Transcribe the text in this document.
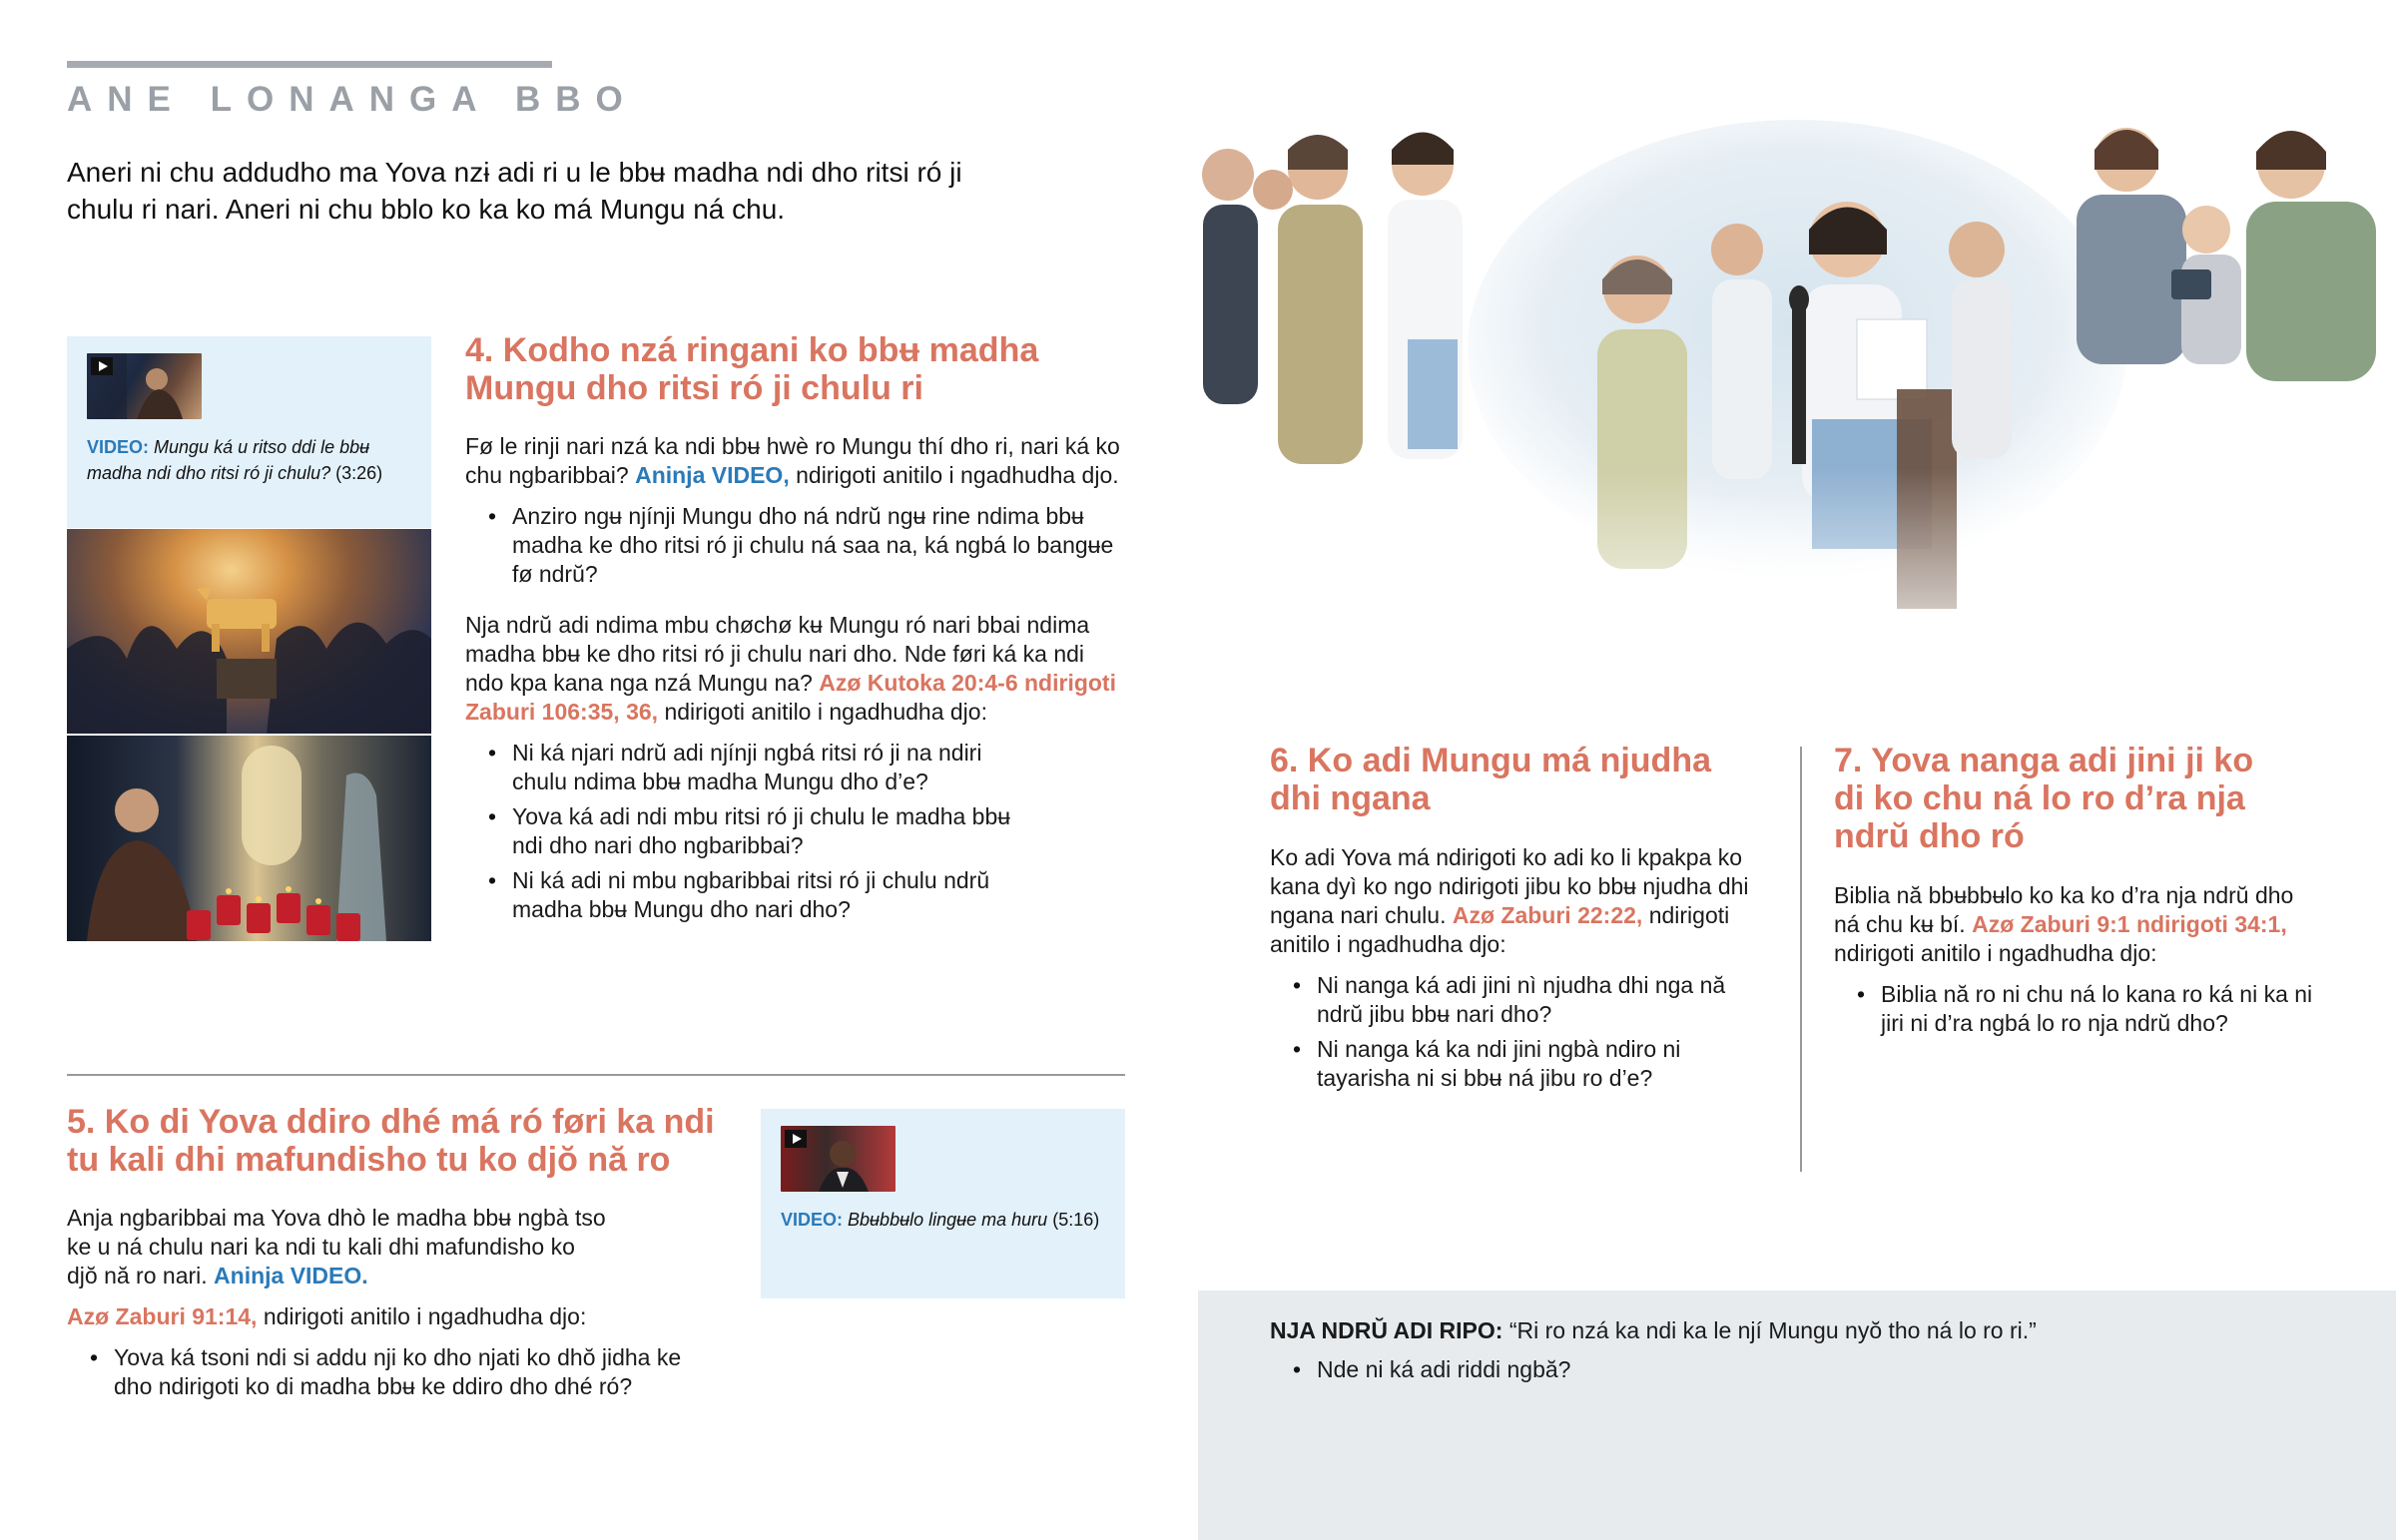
ANE LONANGA BBO
Aneri ni chu addudho ma Yova nzɨ adi ri u le bbʉ madha ndi dho ritsi ró ji chulu ri nari. Aneri ni chu bblo ko ka ko má Mungu ná chu.
VIDEO: Mungu ká u ritso ddi le bbʉ madha ndi dho ritsi ró ji chulu? (3:26)
4. Kodho nzá ringani ko bbʉ madha Mungu dho ritsi ró ji chulu ri

Fø le rinji nari nzá ka ndi bbʉ hwè ro Mungu thí dho ri, nari ká ko chu ngbaribbai? Aninja VIDEO, ndirigoti anitilo i ngadhudha djo.

• Anziro ngʉ njínji Mungu dho ná ndrŭ ngʉ rine ndima bbʉ madha ke dho ritsi ró ji chulu ná saa na, ká ngbá lo bangʉe fø ndrŭ?

Nja ndrŭ adi ndima mbu chøchø kʉ Mungu ró nari bbai ndima madha bbʉ ke dho ritsi ró ji chulu nari dho. Nde føri ká ka ndi ndo kpa kana nga nzá Mungu na? Azø Kutoka 20:4-6 ndirigoti Zaburi 106:35, 36, ndirigoti anitilo i ngadhudha djo:

• Ni ká njari ndrŭ adi njínji ngbá ritsi ró ji na ndiri chulu ndima bbʉ madha Mungu dho d’e?
• Yova ká adi ndi mbu ritsi ró ji chulu le madha bbʉ ndi dho nari dho ngbaribbai?
• Ni ká adi ni mbu ngbaribbai ritsi ró ji chulu ndrŭ madha bbʉ Mungu dho nari dho?
5. Ko di Yova ddiro dhé má ró føri ka ndi tu kali dhi mafundisho tu ko djŏ nă ro

Anja ngbaribbai ma Yova dhò le madha bbʉ ngbà tso ke u ná chulu nari ka ndi tu kali dhi mafundisho ko djŏ nă ro nari. Aninja VIDEO.

Azø Zaburi 91:14, ndirigoti anitilo i ngadhudha djo:

• Yova ká tsoni ndi si addu nji ko dho njati ko dhŏ jidha ke dho ndirigoti ko di madha bbʉ ke ddiro dho dhé ró?
VIDEO: Bbʉbbʉlo lingʉe ma huru (5:16)
6. Ko adi Mungu má njudha dhi ngana

Ko adi Yova má ndirigoti ko adi ko li kpakpa ko kana dyì ko ngo ndirigoti jibu ko bbʉ njudha dhi ngana nari chulu. Azø Zaburi 22:22, ndirigoti anitilo i ngadhudha djo:

• Ni nanga ká adi jini nì njudha dhi nga nă ndrŭ jibu bbʉ nari dho?
• Ni nanga ká ka ndi jini ngbà ndiro ni tayarisha ni si bbʉ ná jibu ro d’e?
7. Yova nanga adi jini ji ko di ko chu ná lo ro d’ra nja ndrŭ dho ró

Biblia nă bbʉbbʉlo ko ka ko d’ra nja ndrŭ dho ná chu kʉ bí. Azø Zaburi 9:1 ndirigoti 34:1, ndirigoti anitilo i ngadhudha djo:

• Biblia nă ro ni chu ná lo kana ro ká ni ka ni jiri ni d’ra ngbá lo ro nja ndrŭ dho?

NJA NDRŬ ADI RIPO: “Ri ro nzá ka ndi ka le njí Mungu nyŏ tho ná lo ro ri.”

• Nde ni ká adi riddi ngbă?
